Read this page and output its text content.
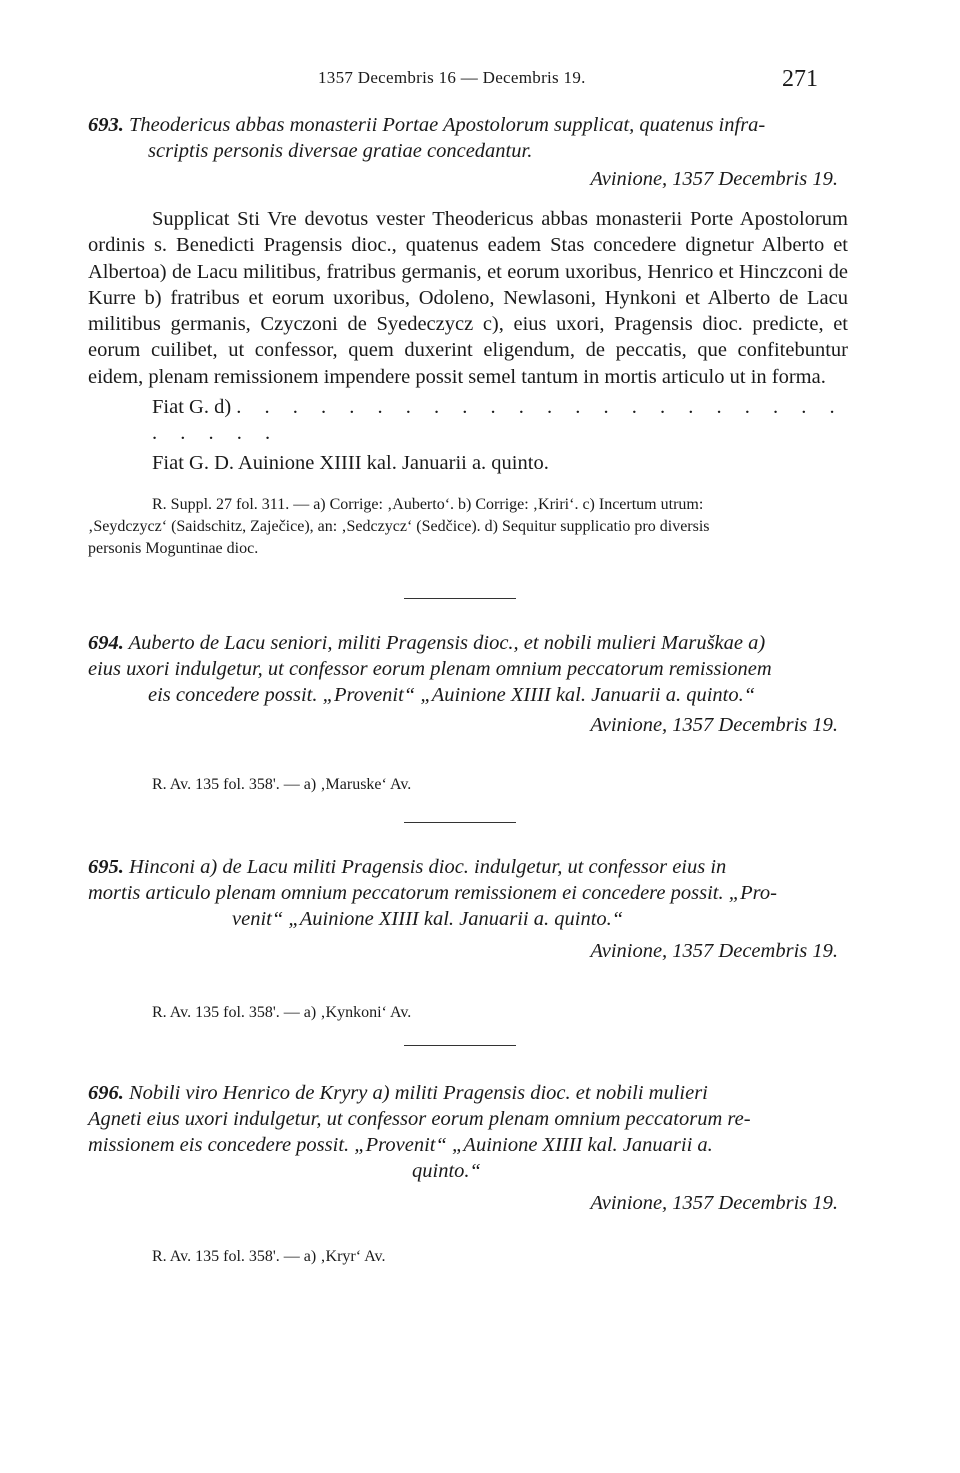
1357 Decembris 16 — Decembris 19.	271
693. Theodericus abbas monasterii Portae Apostolorum supplicat, quatenus infra-
scriptis personis diversae gratiae concedantur.
Avinione, 1357 Decembris 19.

Supplicat Sti Vre devotus vester Theodericus abbas monasterii Porte Apostolorum ordinis s. Benedicti Pragensis dioc., quatenus eadem Stas concedere dignetur Alberto et Albertoa) de Lacu militibus, fratribus germanis, et eorum uxoribus, Henrico et Hinczconi de Kurre b) fratribus et eorum uxoribus, Odoleno, Newlasoni, Hynkoni et Alberto de Lacu militibus germanis, Czyczoni de Syedeczycz c), eius uxori, Pragensis dioc. predicte, et eorum cuilibet, ut confessor, quem duxerint eligendum, de peccatis, que confitebuntur eidem, plenam remissionem impendere possit semel tantum in mortis articulo ut in forma.

Fiat G. d) . . . . . . . . . . . . . . . . . . . . . . . . . . .
Fiat G. D. Auinione XIIII kal. Januarii a. quinto.
R. Suppl. 27 fol. 311. — a) Corrige: ‚Auberto‘. b) Corrige: ‚Kriri‘. c) Incertum utrum:
‚Seydczycz‘ (Saidschitz, Zaječice), an: ‚Sedczycz‘ (Sedčice). d) Sequitur supplicatio pro diversis
personis Moguntinae dioc.
694. Auberto de Lacu seniori, militi Pragensis dioc., et nobili mulieri Maruškae a)
eius uxori indulgetur, ut confessor eorum plenam omnium peccatorum remissionem
eis concedere possit. „Provenit“ „Auinione XIIII kal. Januarii a. quinto.“
Avinione, 1357 Decembris 19.
R. Av. 135 fol. 358'. — a) ‚Maruske‘ Av.
695. Hinconi a) de Lacu militi Pragensis dioc. indulgetur, ut confessor eius in
mortis articulo plenam omnium peccatorum remissionem ei concedere possit. „Pro-
venit“ „Auinione XIIII kal. Januarii a. quinto.“
Avinione, 1357 Decembris 19.
R. Av. 135 fol. 358'. — a) ‚Kynkoni‘ Av.
696. Nobili viro Henrico de Kryry a) militi Pragensis dioc. et nobili mulieri
Agneti eius uxori indulgetur, ut confessor eorum plenam omnium peccatorum re-
missionem eis concedere possit. „Provenit“ „Auinione XIIII kal. Januarii a.
quinto.“
Avinione, 1357 Decembris 19.
R. Av. 135 fol. 358'. — a) ‚Kryr‘ Av.
